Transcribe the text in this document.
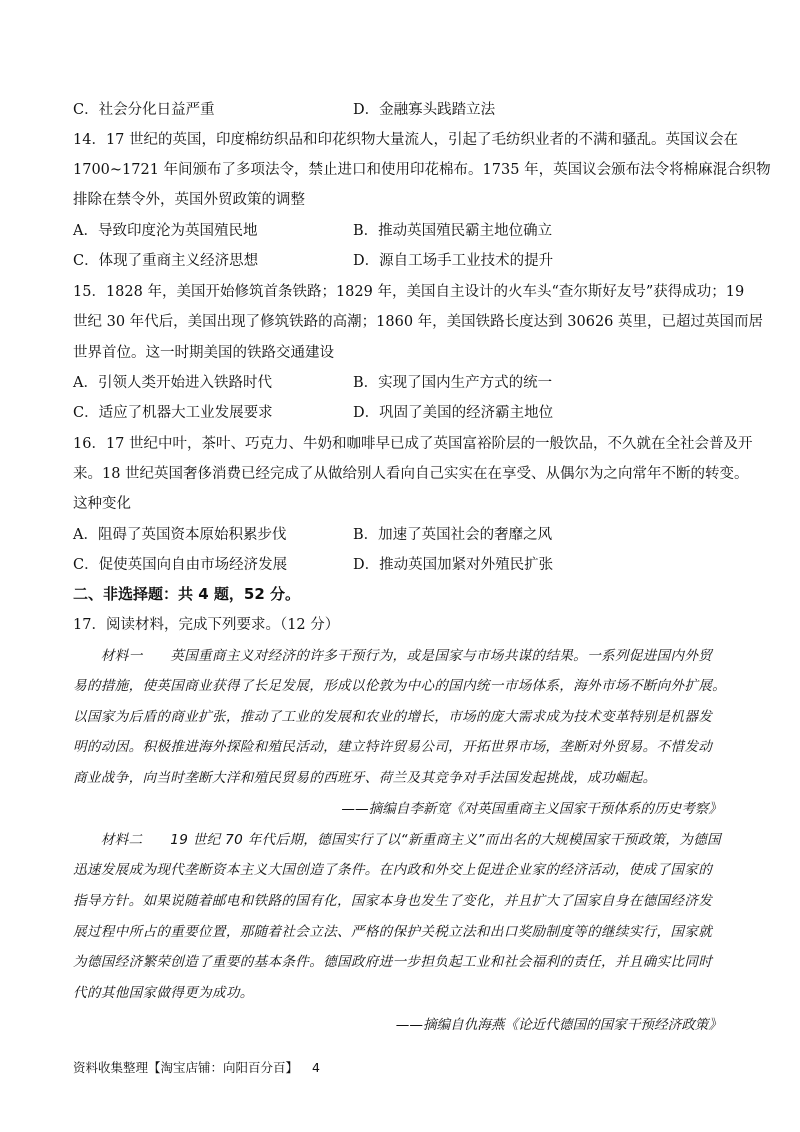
C．社会分化日益严重	D．金融寡头践踏立法
14．17 世纪的英国，印度棉纺织品和印花织物大量流人，引起了毛纺织业者的不满和骚乱。英国议会在
1700~1721 年间颁布了多项法令，禁止进口和使用印花棉布。1735 年，英国议会颁布法令将棉麻混合织物
排除在禁令外，英国外贸政策的调整
A．导致印度沦为英国殖民地	B．推动英国殖民霸主地位确立
C．体现了重商主义经济思想	D．源自工场手工业技术的提升
15．1828 年，美国开始修筑首条铁路；1829 年，美国自主设计的火车头“查尔斯好友号”获得成功；19
世纪 30 年代后，美国出现了修筑铁路的高潮；1860 年，美国铁路长度达到 30626 英里，已超过英国而居
世界首位。这一时期美国的铁路交通建设
A．引领人类开始进入铁路时代	B．实现了国内生产方式的统一
C．适应了机器大工业发展要求	D．巩固了美国的经济霸主地位
16．17 世纪中叶，茶叶、巧克力、牛奶和咖啡早已成了英国富裕阶层的一般饮品，不久就在全社会普及开
来。18 世纪英国奢侈消费已经完成了从做给别人看向自己实实在在享受、从偶尔为之向常年不断的转变。
这种变化
A．阻碍了英国资本原始积累步伐	B．加速了英国社会的奢靡之风
C．促使英国向自由市场经济发展	D．推动英国加紧对外殖民扩张
二、非选择题：共 4 题，52 分。
17．阅读材料，完成下列要求。（12 分）
　　材料一　　英国重商主义对经济的许多干预行为，或是国家与市场共谋的结果。一系列促进国内外贸
易的措施，使英国商业获得了长足发展，形成以伦敦为中心的国内统一市场体系，海外市场不断向外扩展。
以国家为后盾的商业扩张，推动了工业的发展和农业的增长，市场的庞大需求成为技术变革特别是机器发
明的动因。积极推进海外探险和殖民活动，建立特许贸易公司，开拓世界市场，垄断对外贸易。不惜发动
商业战争，向当时垄断大洋和殖民贸易的西班牙、荷兰及其竞争对手法国发起挑战，成功崛起。
——摘编自李新宽《对英国重商主义国家干预体系的历史考察》
　　材料二　　19 世纪 70 年代后期，德国实行了以“新重商主义”而出名的大规模国家干预政策，为德国
迅速发展成为现代垄断资本主义大国创造了条件。在内政和外交上促进企业家的经济活动，使成了国家的
指导方针。如果说随着邮电和铁路的国有化，国家本身也发生了变化，并且扩大了国家自身在德国经济发
展过程中所占的重要位置，那随着社会立法、严格的保护关税立法和出口奖励制度等的继续实行，国家就
为德国经济繁荣创造了重要的基本条件。德国政府进一步担负起工业和社会福利的责任，并且确实比同时
代的其他国家做得更为成功。
——摘编自仇海燕《论近代德国的国家干预经济政策》
资料收集整理【淘宝店铺：向阳百分百】 4
